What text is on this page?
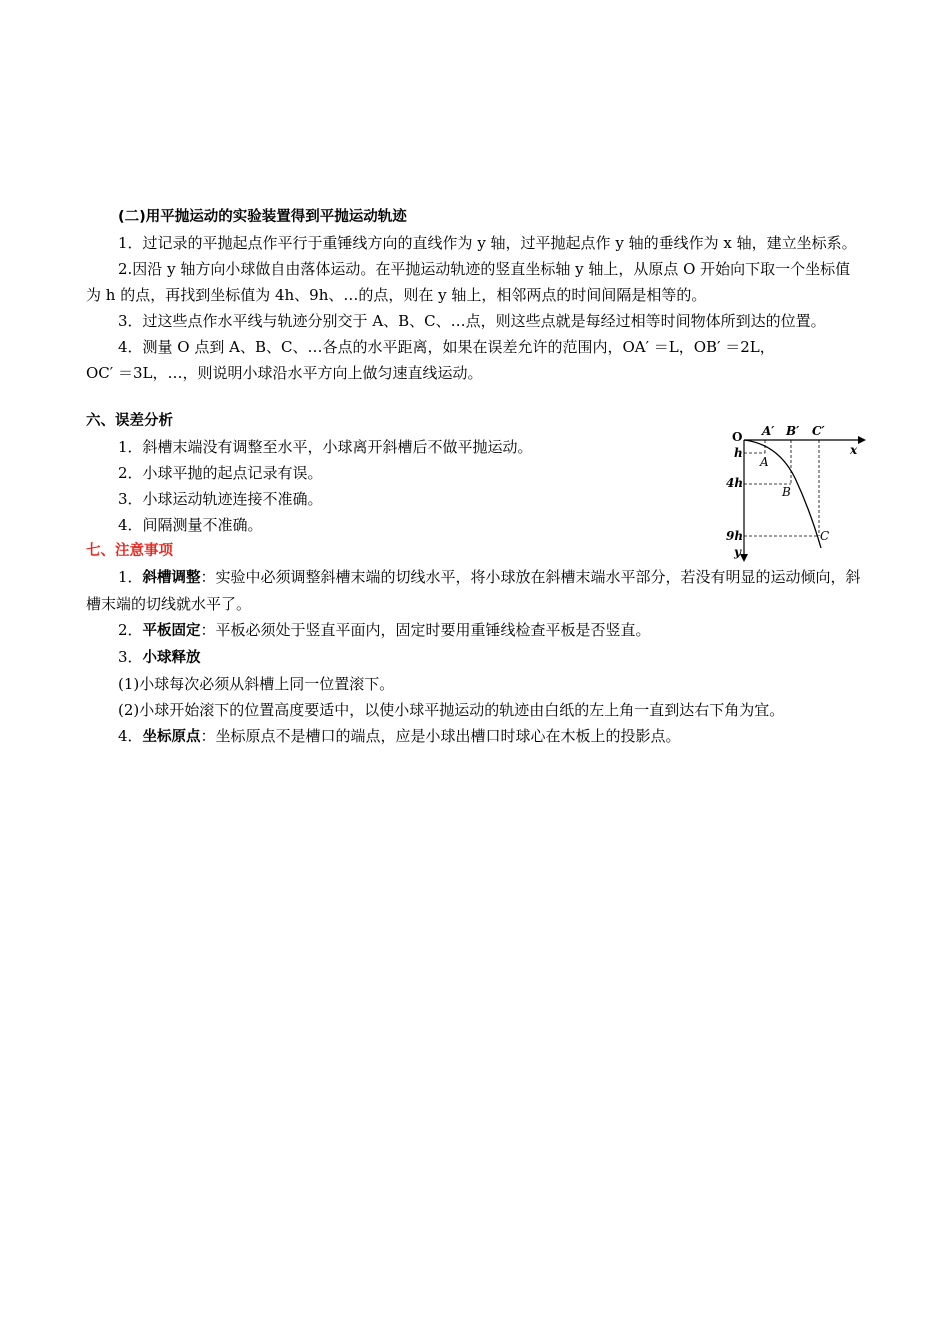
(二)用平抛运动的实验装置得到平抛运动轨迹

1．过记录的平抛起点作平行于重锤线方向的直线作为 y 轴，过平抛起点作 y 轴的垂线作为 x 轴，建立坐标系。

2.因沿 y 轴方向小球做自由落体运动。在平抛运动轨迹的竖直坐标轴 y 轴上，从原点 O 开始向下取一个坐标值为 h 的点，再找到坐标值为 4h、9h、…的点，则在 y 轴上，相邻两点的时间间隔是相等的。

3．过这些点作水平线与轨迹分别交于 A、B、C、…点，则这些点就是每经过相等时间物体所到达的位置。

4．测量 O 点到 A、B、C、…各点的水平距离，如果在误差允许的范围内，OA′ ＝L，OB′ ＝2L，

OC′ ＝3L，…，则说明小球沿水平方向上做匀速直线运动。

六、误差分析

1．斜槽末端没有调整至水平，小球离开斜槽后不做平抛运动。

2．小球平抛的起点记录有误。

3．小球运动轨迹连接不准确。

4．间隔测量不准确。

七、注意事项

1．斜槽调整：实验中必须调整斜槽末端的切线水平，将小球放在斜槽末端水平部分，若没有明显的运动倾向，斜槽末端的切线就水平了。

2．平板固定：平板必须处于竖直平面内，固定时要用重锤线检查平板是否竖直。

3．小球释放

(1)小球每次必须从斜槽上同一位置滚下。

(2)小球开始滚下的位置高度要适中，以使小球平抛运动的轨迹由白纸的左上角一直到达右下角为宜。

4．坐标原点：坐标原点不是槽口的端点，应是小球出槽口时球心在木板上的投影点。

O
x
y
A′ B′ C′
h
4h
9h
A
B
C
